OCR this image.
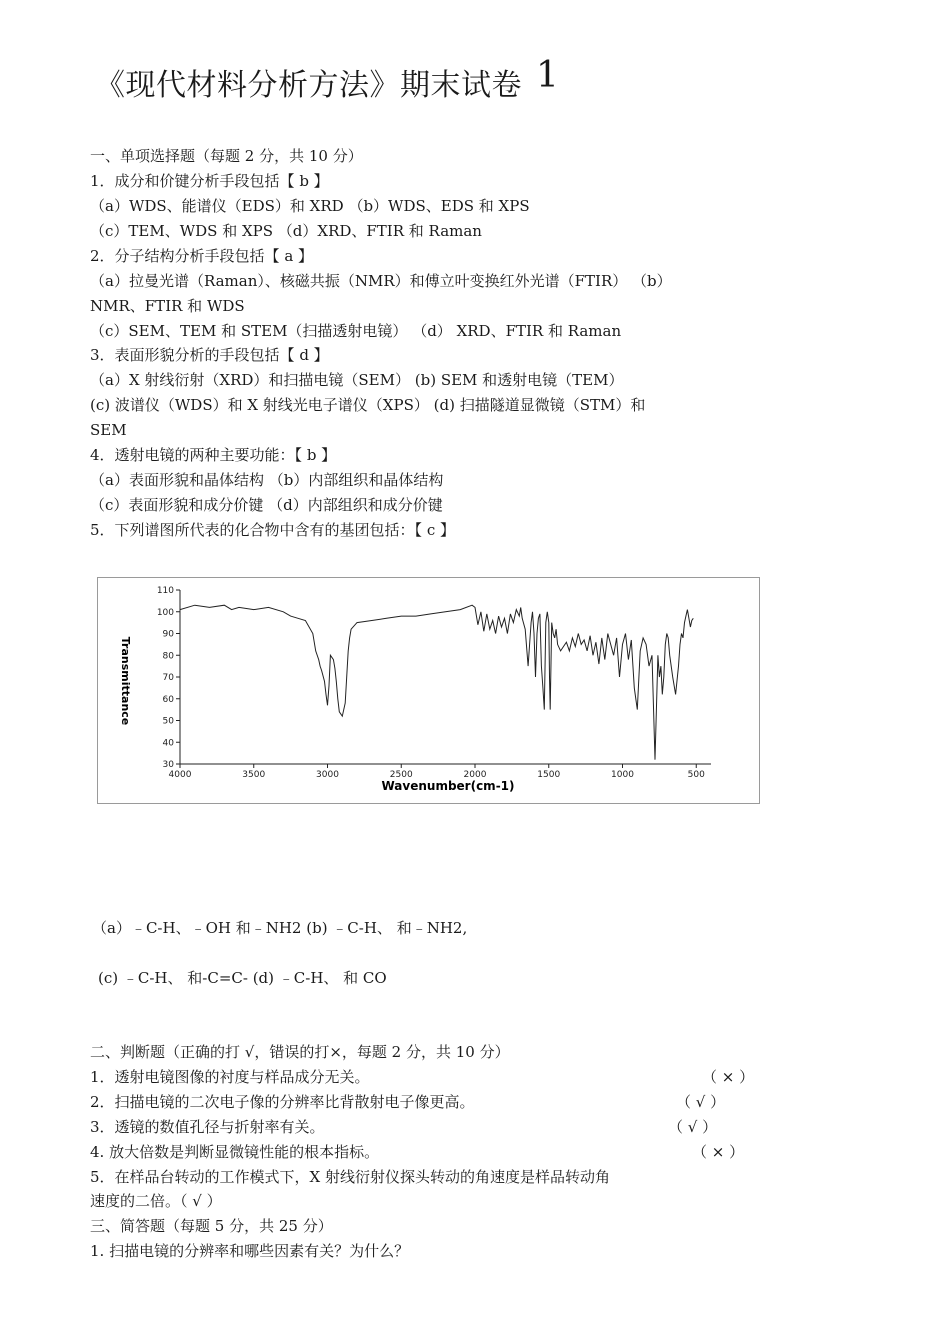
《现代材料分析方法》期末试卷 1
一、单项选择题（每题 2 分，共 10 分）
1．成分和价键分析手段包括【 b 】
（a）WDS、能谱仪（EDS）和 XRD （b）WDS、EDS 和 XPS
（c）TEM、WDS 和 XPS （d）XRD、FTIR 和 Raman
2．分子结构分析手段包括【 a 】
（a）拉曼光谱（Raman）、核磁共振（NMR）和傅立叶变换红外光谱（FTIR） （b）
NMR、FTIR 和 WDS
（c）SEM、TEM 和 STEM（扫描透射电镜） （d） XRD、FTIR 和 Raman
3．表面形貌分析的手段包括【 d 】
（a）X 射线衍射（XRD）和扫描电镜（SEM） (b) SEM 和透射电镜（TEM）
(c) 波谱仪（WDS）和 X 射线光电子谱仪（XPS） (d) 扫描隧道显微镜（STM）和
SEM
4．透射电镜的两种主要功能：【 b 】
（a）表面形貌和晶体结构 （b）内部组织和晶体结构
（c）表面形貌和成分价键 （d）内部组织和成分价键
5．下列谱图所代表的化合物中含有的基团包括：【 c 】
30
40
50
60
70
80
90
100
110
4000	3500	3000	2500	2000	1500	1000	500
Wavenumber(cm-1)
Transmittance
（a）﹣C-H、﹣OH 和﹣NH2 (b) ﹣C-H、 和﹣NH2,
(c) ﹣C-H、 和-C=C- (d) ﹣C-H、 和 CO
二、判断题（正确的打 √，错误的打×，每题 2 分，共 10 分）
1．透射电镜图像的衬度与样品成分无关。	（ × ）
2．扫描电镜的二次电子像的分辨率比背散射电子像更高。	（ √ ）
3．透镜的数值孔径与折射率有关。	（ √ ）
4. 放大倍数是判断显微镜性能的根本指标。	（ × ）
5．在样品台转动的工作模式下，X 射线衍射仪探头转动的角速度是样品转动角
速度的二倍。（ √ ）
三、简答题（每题 5 分，共 25 分）
1. 扫描电镜的分辨率和哪些因素有关？为什么？
